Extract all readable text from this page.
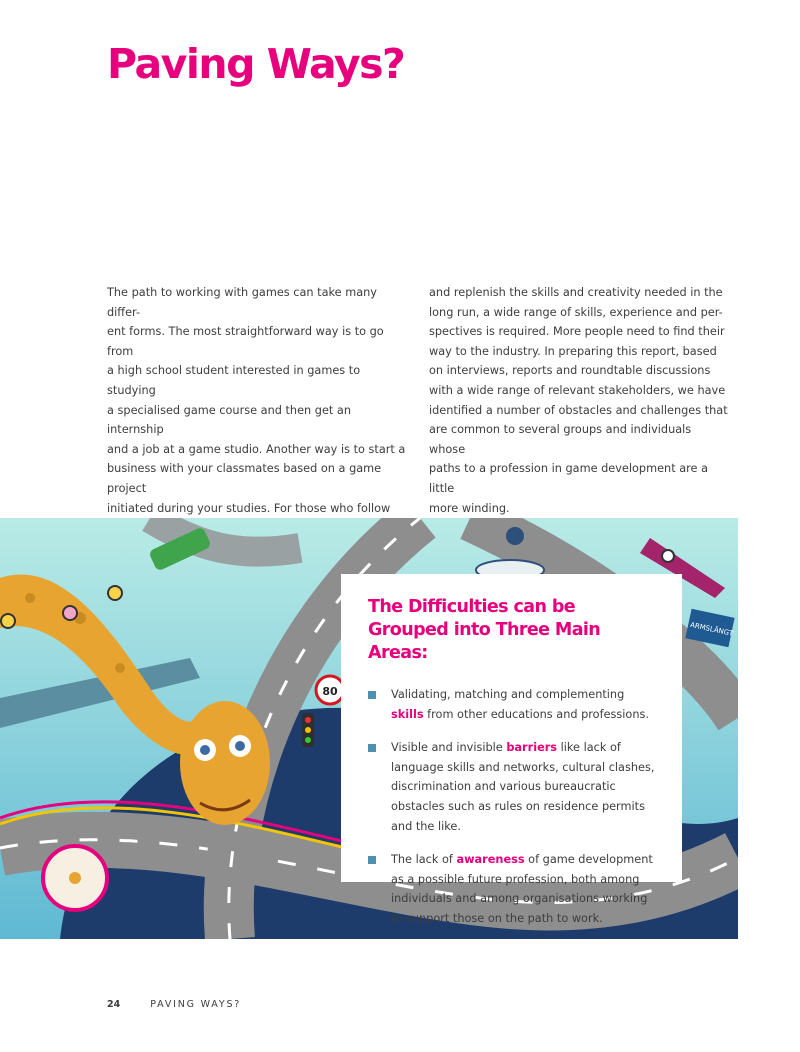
Paving Ways?

The path to working with games can take many differ-
ent forms. The most straightforward way is to go from
a high school student interested in games to studying
a specialised game course and then get an internship
and a job at a game studio. Another way is to start a
business with your classmates based on a game project
initiated during your studies. For those who follow

and replenish the skills and creativity needed in the
long run, a wide range of skills, experience and per-
spectives is required. More people need to find their
way to the industry. In preparing this report, based
on interviews, reports and roundtable discussions
with a wide range of relevant stakeholders, we have
identified a number of obstacles and challenges that
are common to several groups and individuals whose
paths to a profession in game development are a little
more winding.

80
ARMSLÄNGT
The Difficulties can be Grouped into Three Main Areas:
Validating, matching and complementing skills from other educations and professions.
Visible and invisible barriers like lack of language skills and networks, cultural clashes, discrimination and various bureaucratic obstacles such as rules on residence permits and the like.
The lack of awareness of game development as a possible future profession, both among individuals and among organisations working to support those on the path to work.
24	PAVING WAYS?
